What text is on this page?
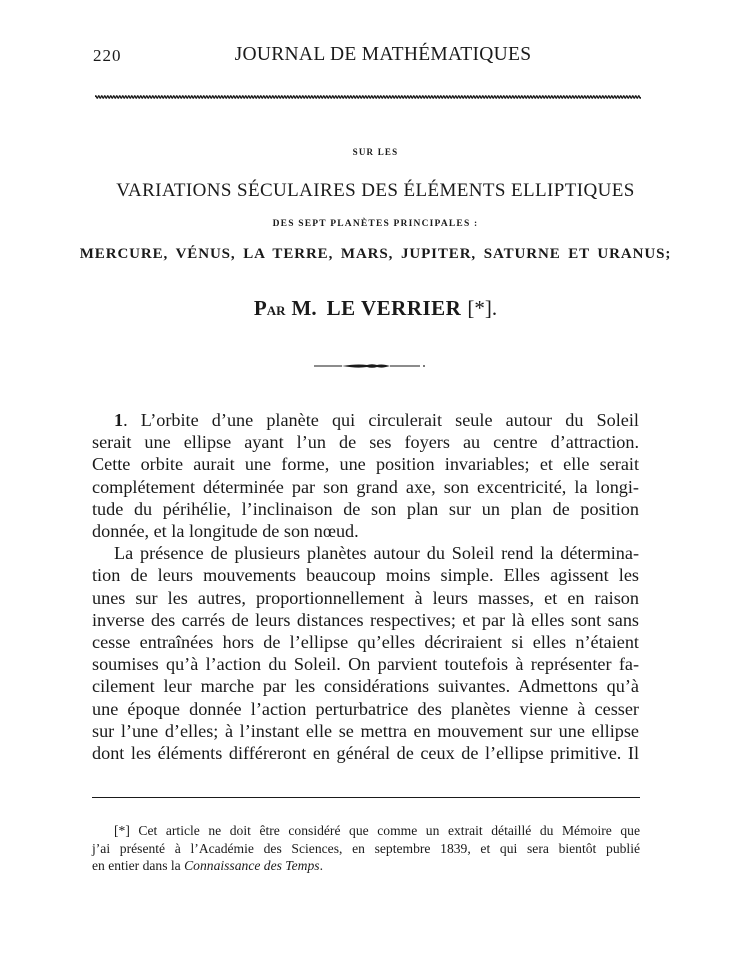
220	JOURNAL DE MATHÉMATIQUES
SUR LES
VARIATIONS SÉCULAIRES DES ÉLÉMENTS ELLIPTIQUES
DES SEPT PLANÈTES PRINCIPALES :
MERCURE, VÉNUS, LA TERRE, MARS, JUPITER, SATURNE ET URANUS;
PAR M. LE VERRIER [*].

1. L’orbite d’une planète qui circulerait seule autour du Soleil
serait une ellipse ayant l’un de ses foyers au centre d’attraction.
Cette orbite aurait une forme, une position invariables; et elle serait
complétement déterminée par son grand axe, son excentricité, la longi-
tude du périhélie, l’inclinaison de son plan sur un plan de position
donnée, et la longitude de son nœud.

La présence de plusieurs planètes autour du Soleil rend la détermina-
tion de leurs mouvements beaucoup moins simple. Elles agissent les
unes sur les autres, proportionnellement à leurs masses, et en raison
inverse des carrés de leurs distances respectives; et par là elles sont sans
cesse entraînées hors de l’ellipse qu’elles décriraient si elles n’étaient
soumises qu’à l’action du Soleil. On parvient toutefois à représenter fa-
cilement leur marche par les considérations suivantes. Admettons qu’à
une époque donnée l’action perturbatrice des planètes vienne à cesser
sur l’une d’elles; à l’instant elle se mettra en mouvement sur une ellipse
dont les éléments différeront en général de ceux de l’ellipse primitive. Il

[*] Cet article ne doit être considéré que comme un extrait détaillé du Mémoire que
j’ai présenté à l’Académie des Sciences, en septembre 1839, et qui sera bientôt publié
en entier dans la Connaissance des Temps.
